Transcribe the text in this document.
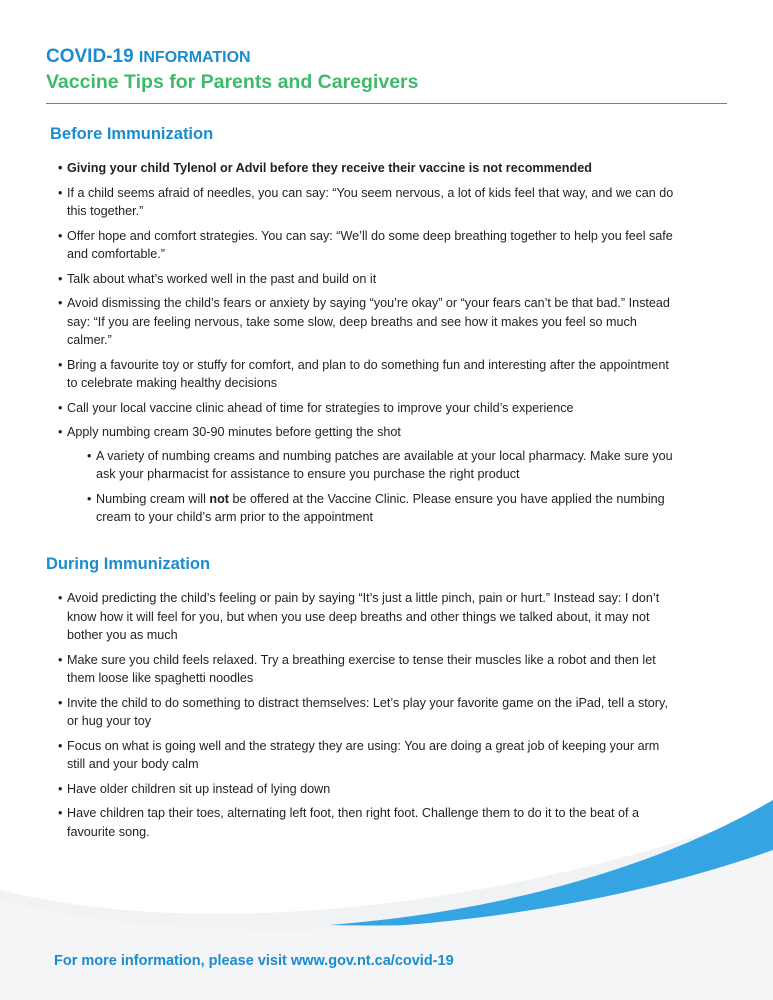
COVID-19 INFORMATION
Vaccine Tips for Parents and Caregivers
Before Immunization
• Giving your child Tylenol or Advil before they receive their vaccine is not recommended
• If a child seems afraid of needles, you can say: “You seem nervous, a lot of kids feel that way, and we can do this together.”
• Offer hope and comfort strategies. You can say: “We’ll do some deep breathing together to help you feel safe and comfortable.”
• Talk about what’s worked well in the past and build on it
• Avoid dismissing the child’s fears or anxiety by saying “you’re okay” or “your fears can’t be that bad.” Instead say: “If you are feeling nervous, take some slow, deep breaths and see how it makes you feel so much calmer.”
• Bring a favourite toy or stuffy for comfort, and plan to do something fun and interesting after the appointment to celebrate making healthy decisions
• Call your local vaccine clinic ahead of time for strategies to improve your child’s experience
• Apply numbing cream 30-90 minutes before getting the shot
• A variety of numbing creams and numbing patches are available at your local pharmacy. Make sure you ask your pharmacist for assistance to ensure you purchase the right product
• Numbing cream will not be offered at the Vaccine Clinic. Please ensure you have applied the numbing cream to your child’s arm prior to the appointment
During Immunization
• Avoid predicting the child’s feeling or pain by saying “It’s just a little pinch, pain or hurt.” Instead say: I don’t know how it will feel for you, but when you use deep breaths and other things we talked about, it may not bother you as much
• Make sure you child feels relaxed. Try a breathing exercise to tense their muscles like a robot and then let them loose like spaghetti noodles
• Invite the child to do something to distract themselves: Let’s play your favorite game on the iPad, tell a story, or hug your toy
• Focus on what is going well and the strategy they are using: You are doing a great job of keeping your arm still and your body calm
• Have older children sit up instead of lying down
• Have children tap their toes, alternating left foot, then right foot. Challenge them to do it to the beat of a favourite song.
For more information, please visit www.gov.nt.ca/covid-19
